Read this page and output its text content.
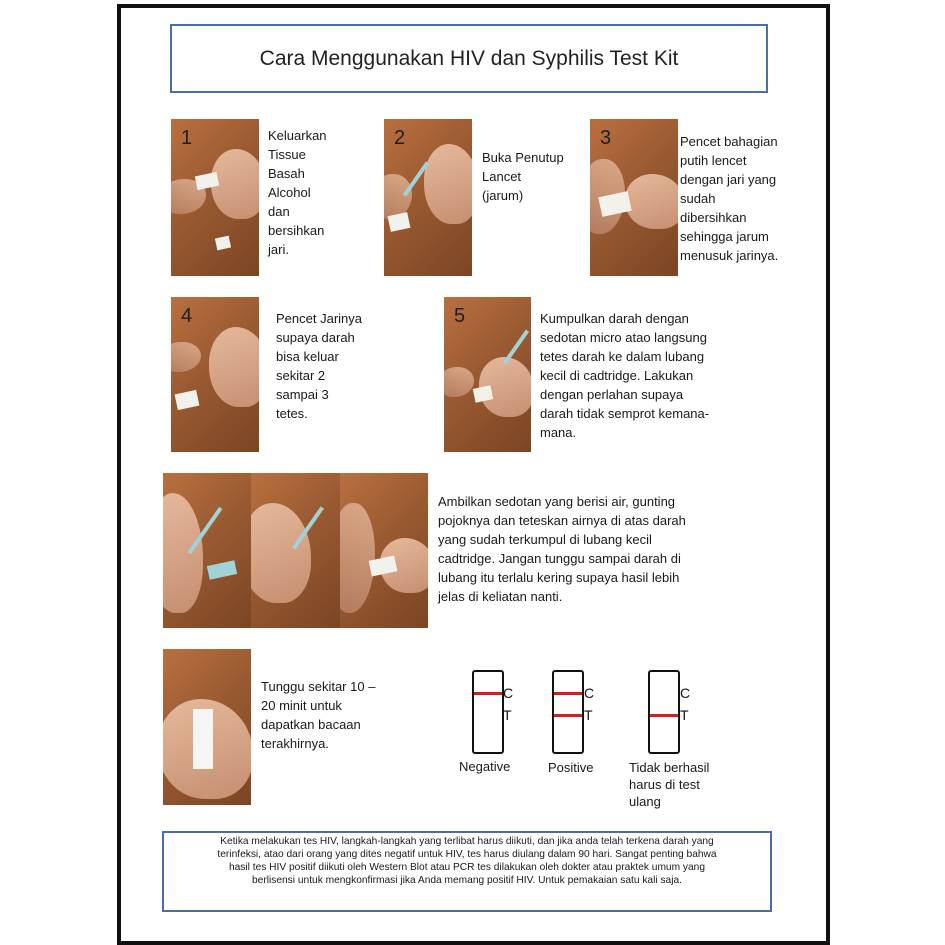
Cara Menggunakan HIV dan Syphilis Test Kit
1	Keluarkan
Tissue
Basah
Alcohol
dan
bersihkan
jari.
2
Buka Penutup
Lancet
(jarum)
3	Pencet bahagian
putih lencet
dengan jari yang
sudah
dibersihkan
sehingga jarum
menusuk jarinya.
4	Pencet Jarinya
supaya darah
bisa keluar
sekitar 2
sampai 3
tetes.
5	Kumpulkan darah dengan
sedotan micro atao langsung
tetes darah ke dalam lubang
kecil di cadtridge. Lakukan
dengan perlahan supaya
darah tidak semprot kemana-
mana.
Ambilkan sedotan yang berisi air, gunting
pojoknya dan teteskan airnya di atas darah
yang sudah terkumpul di lubang kecil
cadtridge. Jangan tunggu sampai darah di
lubang itu terlalu kering supaya hasil lebih
jelas di keliatan nanti.
Tunggu sekitar 10 –
20 minit untuk
dapatkan bacaan
terakhirnya.
C
T
Negative
C
T
Positive
C
T
Tidak berhasil
harus di test
ulang
Ketika melakukan tes HIV, langkah-langkah yang terlibat harus diikuti, dan jika anda telah terkena darah yang
terinfeksi, atao dari orang yang dites negatif untuk HIV, tes harus diulang dalam 90 hari. Sangat penting bahwa
hasil tes HIV positif diikuti oleh Western Blot atau PCR tes dilakukan oleh dokter atau praktek umum yang
berlisensi untuk mengkonfirmasi jika Anda memang positif HIV. Untuk pemakaian satu kali saja.
